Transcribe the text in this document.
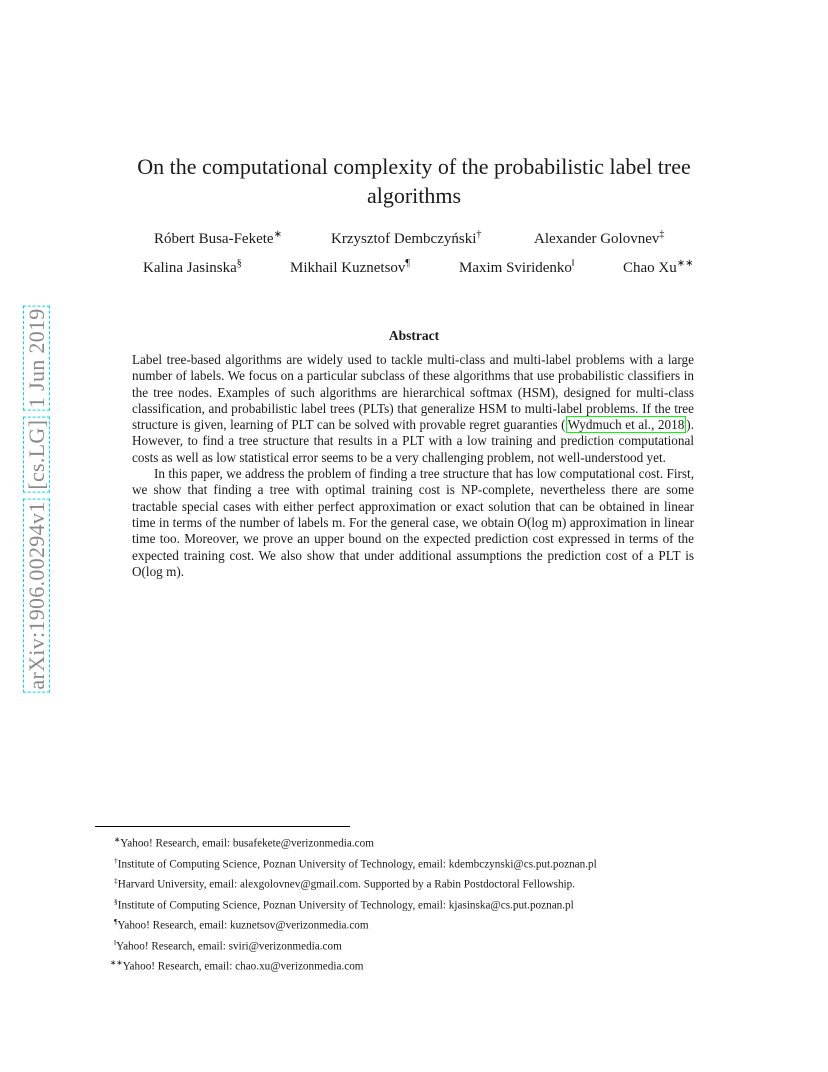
arXiv:1906.00294v1 [cs.LG] 1 Jun 2019
On the computational complexity of the probabilistic label tree algorithms
Róbert Busa-Fekete∗	Krzysztof Dembczyński†	Alexander Golovnev‡
Kalina Jasinska§	Mikhail Kuznetsov¶	Maxim Sviridenko‖	Chao Xu∗∗
Abstract

Label tree-based algorithms are widely used to tackle multi-class and multi-label problems with a large number of labels. We focus on a particular subclass of these algorithms that use probabilistic classifiers in the tree nodes. Examples of such algorithms are hierarchical softmax (HSM), designed for multi-class classification, and probabilistic label trees (PLTs) that generalize HSM to multi-label problems. If the tree structure is given, learning of PLT can be solved with provable regret guaranties ( Wydmuch et al., 2018 ). However, to find a tree structure that results in a PLT with a low training and prediction computational costs as well as low statistical error seems to be a very challenging problem, not well-understood yet.

In this paper, we address the problem of finding a tree structure that has low computational cost. First, we show that finding a tree with optimal training cost is NP-complete, nevertheless there are some tractable special cases with either perfect approximation or exact solution that can be obtained in linear time in terms of the number of labels m. For the general case, we obtain O(log m) approximation in linear time too. Moreover, we prove an upper bound on the expected prediction cost expressed in terms of the expected training cost. We also show that under additional assumptions the prediction cost of a PLT is O(log m).

∗Yahoo! Research, email: busafekete@verizonmedia.com
†Institute of Computing Science, Poznan University of Technology, email: kdembczynski@cs.put.poznan.pl
‡Harvard University, email: alexgolovnev@gmail.com. Supported by a Rabin Postdoctoral Fellowship.
§Institute of Computing Science, Poznan University of Technology, email: kjasinska@cs.put.poznan.pl
¶Yahoo! Research, email: kuznetsov@verizonmedia.com
‖Yahoo! Research, email: sviri@verizonmedia.com
∗∗Yahoo! Research, email: chao.xu@verizonmedia.com
